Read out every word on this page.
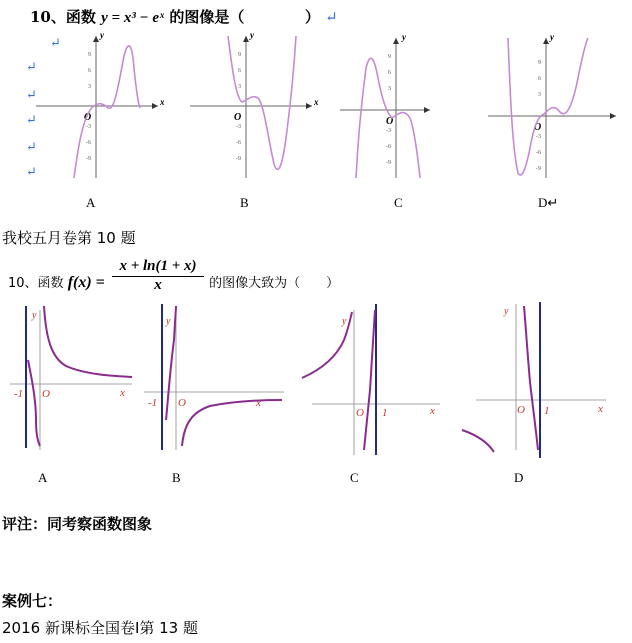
10、函数 y = x³ − eˣ 的图像是（	） ↵
↵
↵
↵
↵
↵
↵
x
y
O
9
6
3
-3
-6
-9
x
y
O
9
6
3
-3
-6
-9
y
O
9
6
3
-3
-6
-9
y
O
9
6
3
-3
-6
-9
A	B	C	D↵
我校五月卷第 10 题
10、函数 f(x) =	的图像大致为（　　）
$\frac{x + \ln(1 + x)}{x}$
x
y
-1 O
x
y
-1 O
x
y
1
O	x
y
1
O
A	B	C	D
评注：同考察函数图象
案例七：
2016 新课标全国卷Ⅰ第 13 题
